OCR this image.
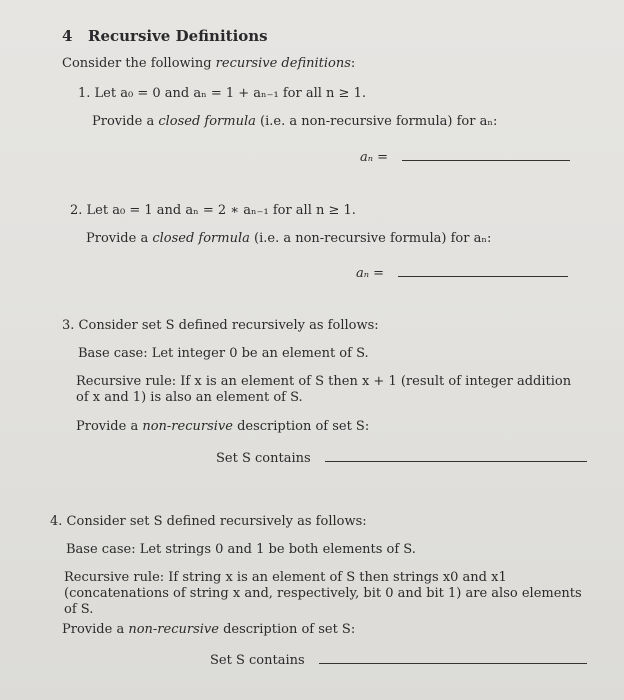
4 Recursive Definitions
Consider the following recursive definitions:
1. Let a₀ = 0 and aₙ = 1 + aₙ₋₁ for all n ≥ 1.
Provide a closed formula (i.e. a non-recursive formula) for aₙ:
aₙ =
2. Let a₀ = 1 and aₙ = 2 ∗ aₙ₋₁ for all n ≥ 1.
Provide a closed formula (i.e. a non-recursive formula) for aₙ:
aₙ =
3. Consider set S defined recursively as follows:
Base case: Let integer 0 be an element of S.
Recursive rule: If x is an element of S then x + 1 (result of integer addition of x and 1) is also an element of S.
Provide a non-recursive description of set S:
Set S contains
4. Consider set S defined recursively as follows:
Base case: Let strings 0 and 1 be both elements of S.
Recursive rule: If string x is an element of S then strings x0 and x1 (concatenations of string x and, respectively, bit 0 and bit 1) are also elements of S.
Provide a non-recursive description of set S:
Set S contains
